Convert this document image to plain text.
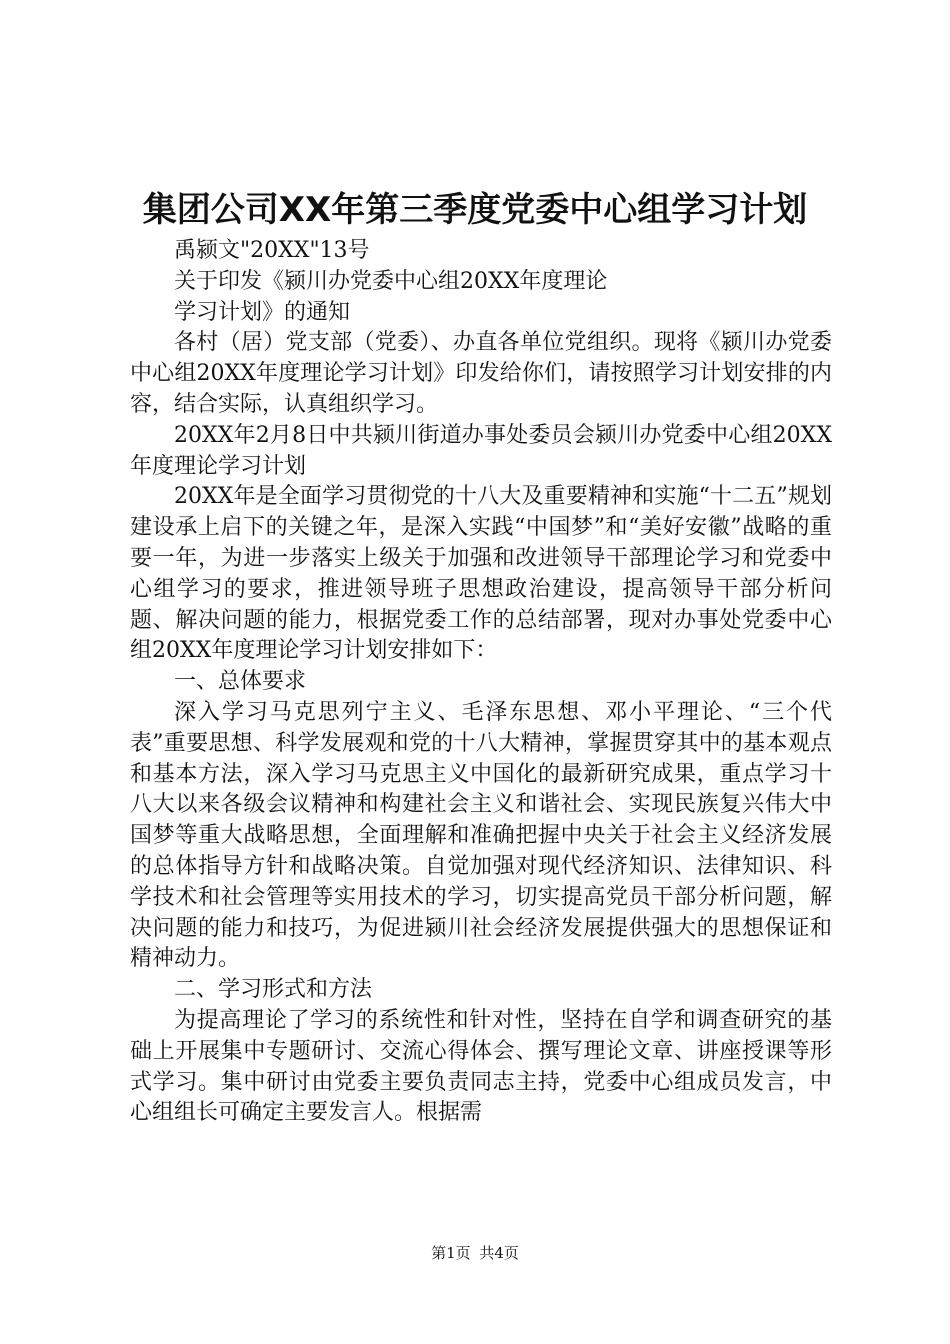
集团公司XX年第三季度党委中心组学习计划

禹颍文"20XX"13号

关于印发《颍川办党委中心组20XX年度理论

学习计划》的通知

各村（居）党支部（党委）、办直各单位党组织。现将《颍川办党委中心组20XX年度理论学习计划》印发给你们，请按照学习计划安排的内容，结合实际，认真组织学习。

20XX年2月8日中共颍川街道办事处委员会颍川办党委中心组20XX年度理论学习计划

20XX年是全面学习贯彻党的十八大及重要精神和实施“十二五”规划建设承上启下的关键之年，是深入实践“中国梦”和“美好安徽”战略的重要一年，为进一步落实上级关于加强和改进领导干部理论学习和党委中心组学习的要求，推进领导班子思想政治建设，提高领导干部分析问题、解决问题的能力，根据党委工作的总结部署，现对办事处党委中心组20XX年度理论学习计划安排如下：

一、总体要求

深入学习马克思列宁主义、毛泽东思想、邓小平理论、“三个代表”重要思想、科学发展观和党的十八大精神，掌握贯穿其中的基本观点和基本方法，深入学习马克思主义中国化的最新研究成果，重点学习十八大以来各级会议精神和构建社会主义和谐社会、实现民族复兴伟大中国梦等重大战略思想，全面理解和准确把握中央关于社会主义经济发展的总体指导方针和战略决策。自觉加强对现代经济知识、法律知识、科学技术和社会管理等实用技术的学习，切实提高党员干部分析问题，解决问题的能力和技巧，为促进颍川社会经济发展提供强大的思想保证和精神动力。

二、学习形式和方法

为提高理论了学习的系统性和针对性，坚持在自学和调查研究的基础上开展集中专题研讨、交流心得体会、撰写理论文章、讲座授课等形式学习。集中研讨由党委主要负责同志主持，党委中心组成员发言，中心组组长可确定主要发言人。根据需

第1页 共4页
